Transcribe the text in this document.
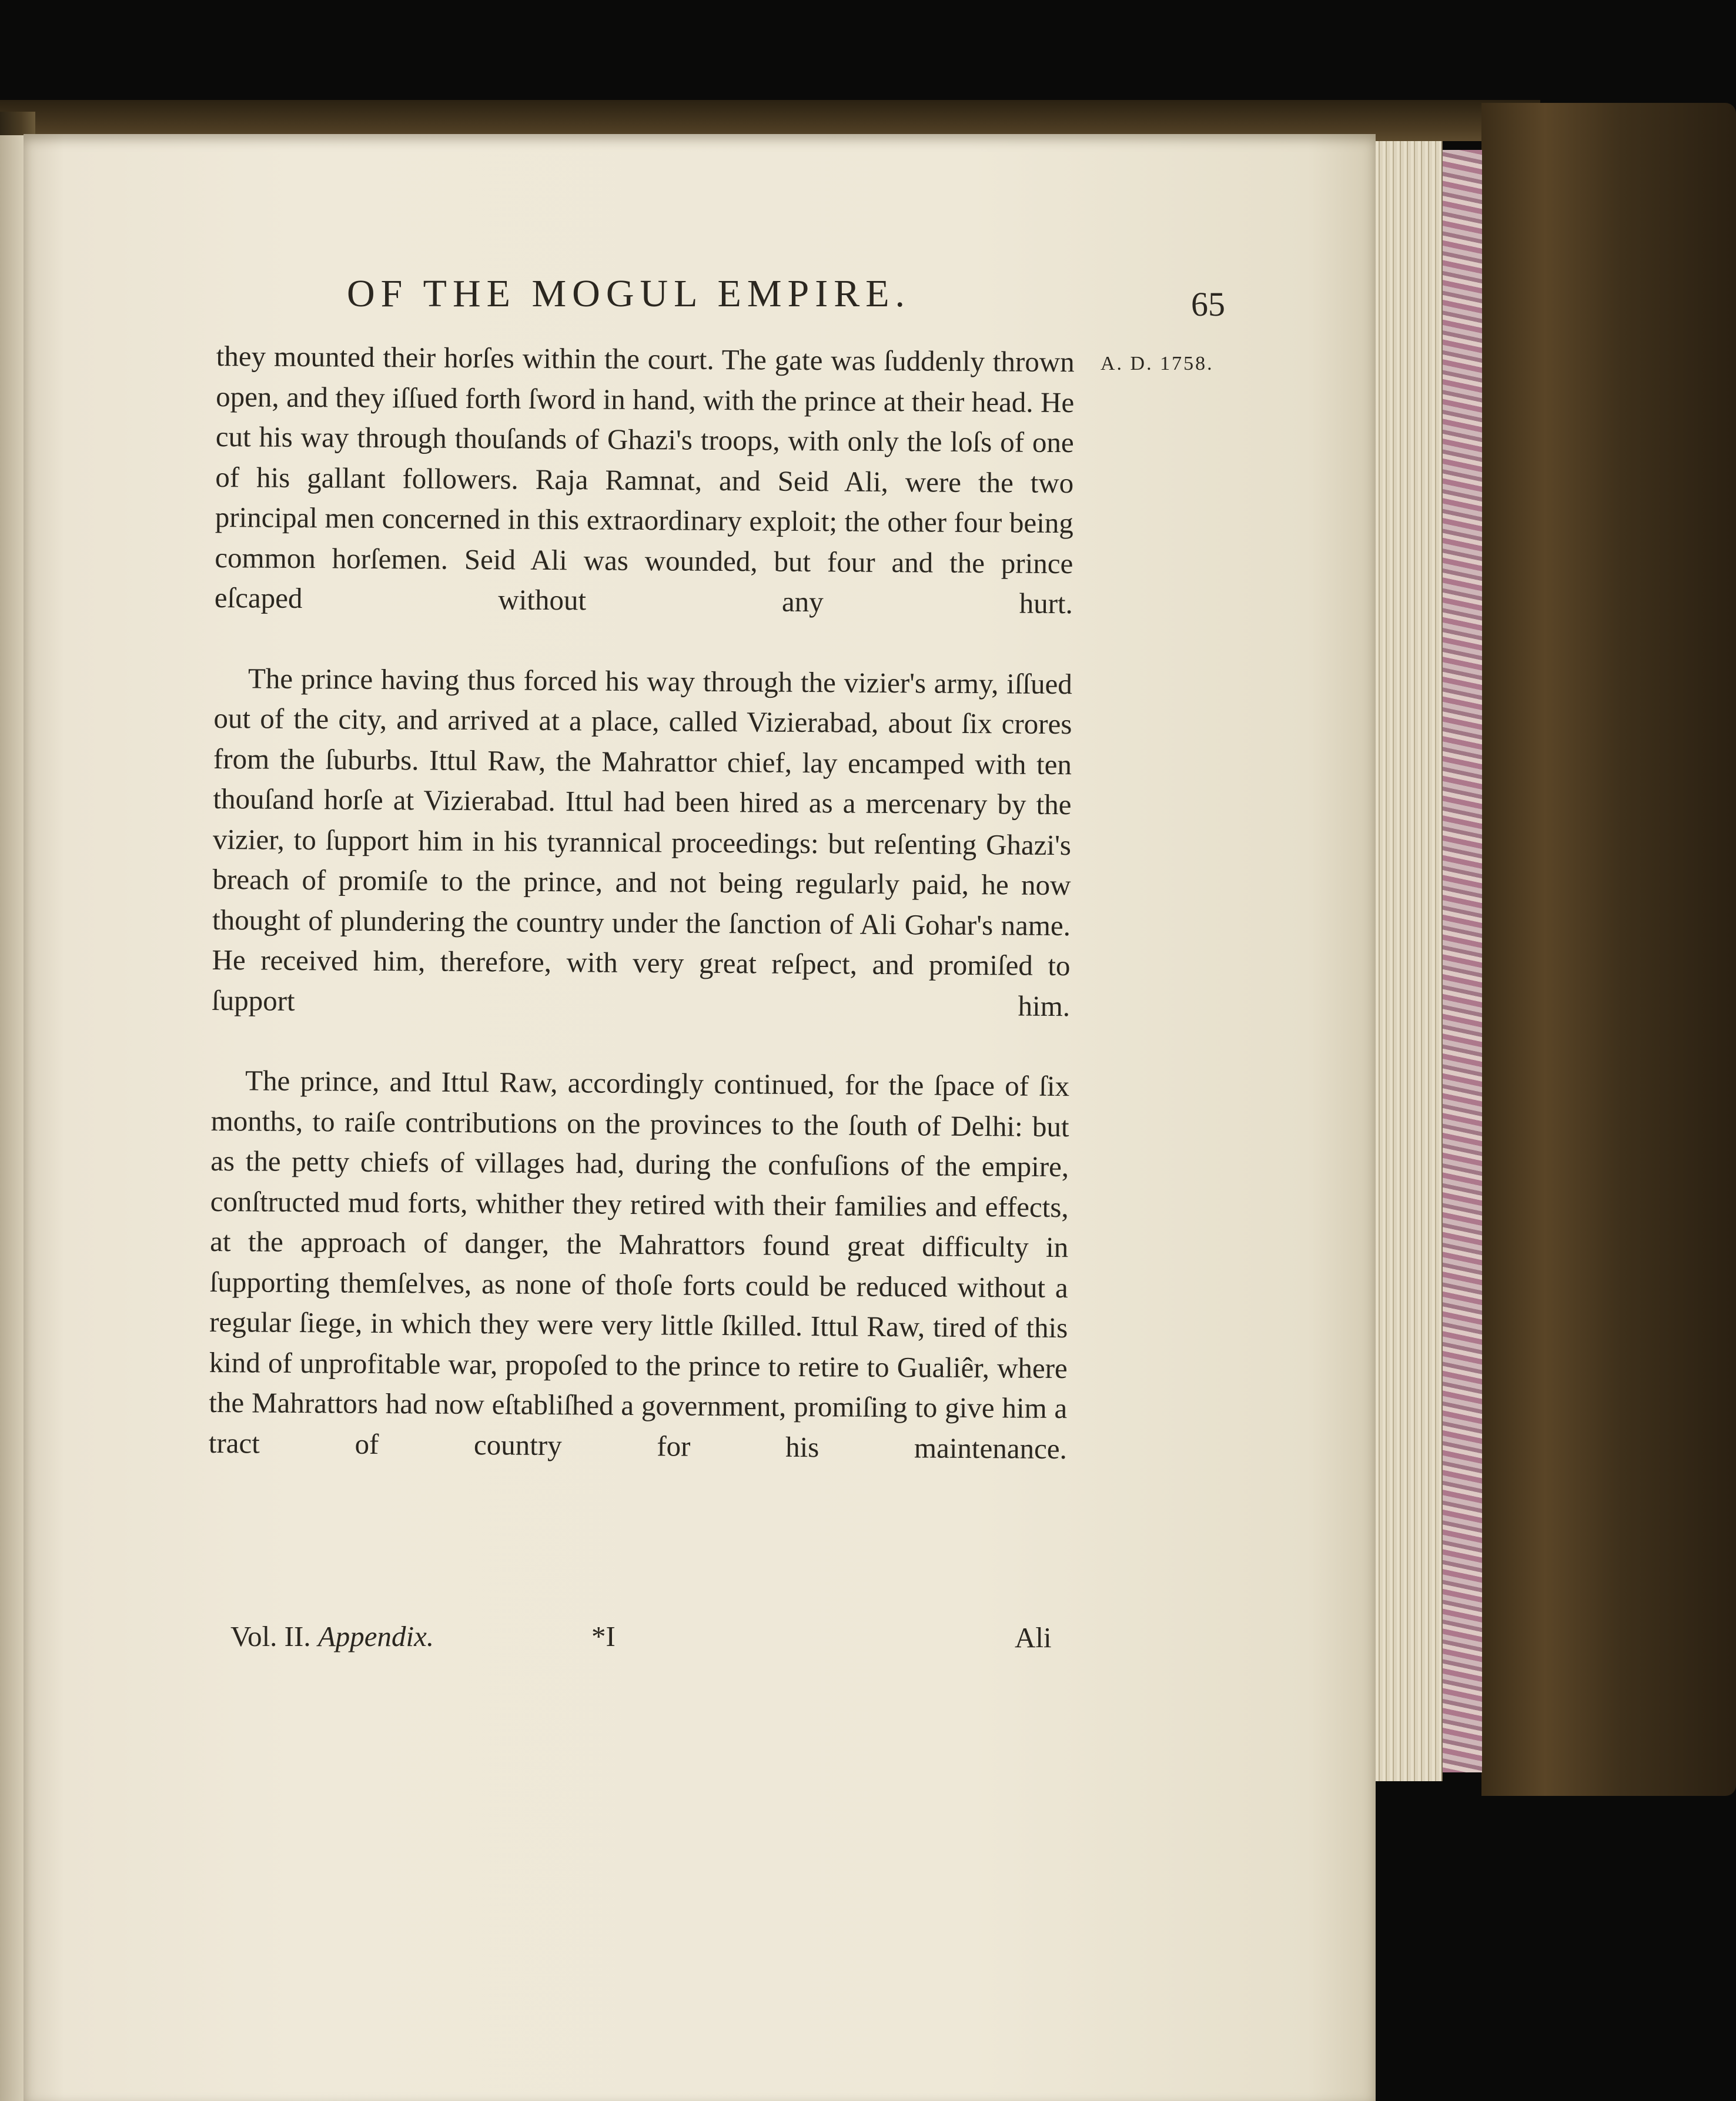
OF THE MOGUL EMPIRE.	65
A. D. 1758.

they mounted their horſes within the court. The gate was ſuddenly thrown open, and they iſſued forth ſword in hand, with the prince at their head. He cut his way through thouſands of Ghazi's troops, with only the loſs of one of his gallant followers. Raja Ramnat, and Seid Ali, were the two principal men concerned in this extraordinary exploit; the other four being common horſemen. Seid Ali was wounded, but four and the prince eſcaped without any hurt.

The prince having thus forced his way through the vizier's army, iſſued out of the city, and arrived at a place, called Vizierabad, about ſix crores from the ſuburbs. Ittul Raw, the Mahrattor chief, lay encamped with ten thouſand horſe at Vizierabad. Ittul had been hired as a mercenary by the vizier, to ſupport him in his tyrannical proceedings: but reſenting Ghazi's breach of promiſe to the prince, and not being regularly paid, he now thought of plundering the country under the ſanction of Ali Gohar's name. He received him, therefore, with very great reſpect, and promiſed to ſupport him.

The prince, and Ittul Raw, accordingly continued, for the ſpace of ſix months, to raiſe contributions on the provinces to the ſouth of Delhi: but as the petty chiefs of villages had, during the confuſions of the empire, conſtructed mud forts, whither they retired with their families and effects, at the approach of danger, the Mahrattors found great difficulty in ſupporting themſelves, as none of thoſe forts could be reduced without a regular ſiege, in which they were very little ſkilled. Ittul Raw, tired of this kind of unprofitable war, propoſed to the prince to retire to Gualiêr, where the Mahrattors had now eſtabliſhed a government, promiſing to give him a tract of country for his maintenance.

Vol. II. Appendix.	*I	Ali
